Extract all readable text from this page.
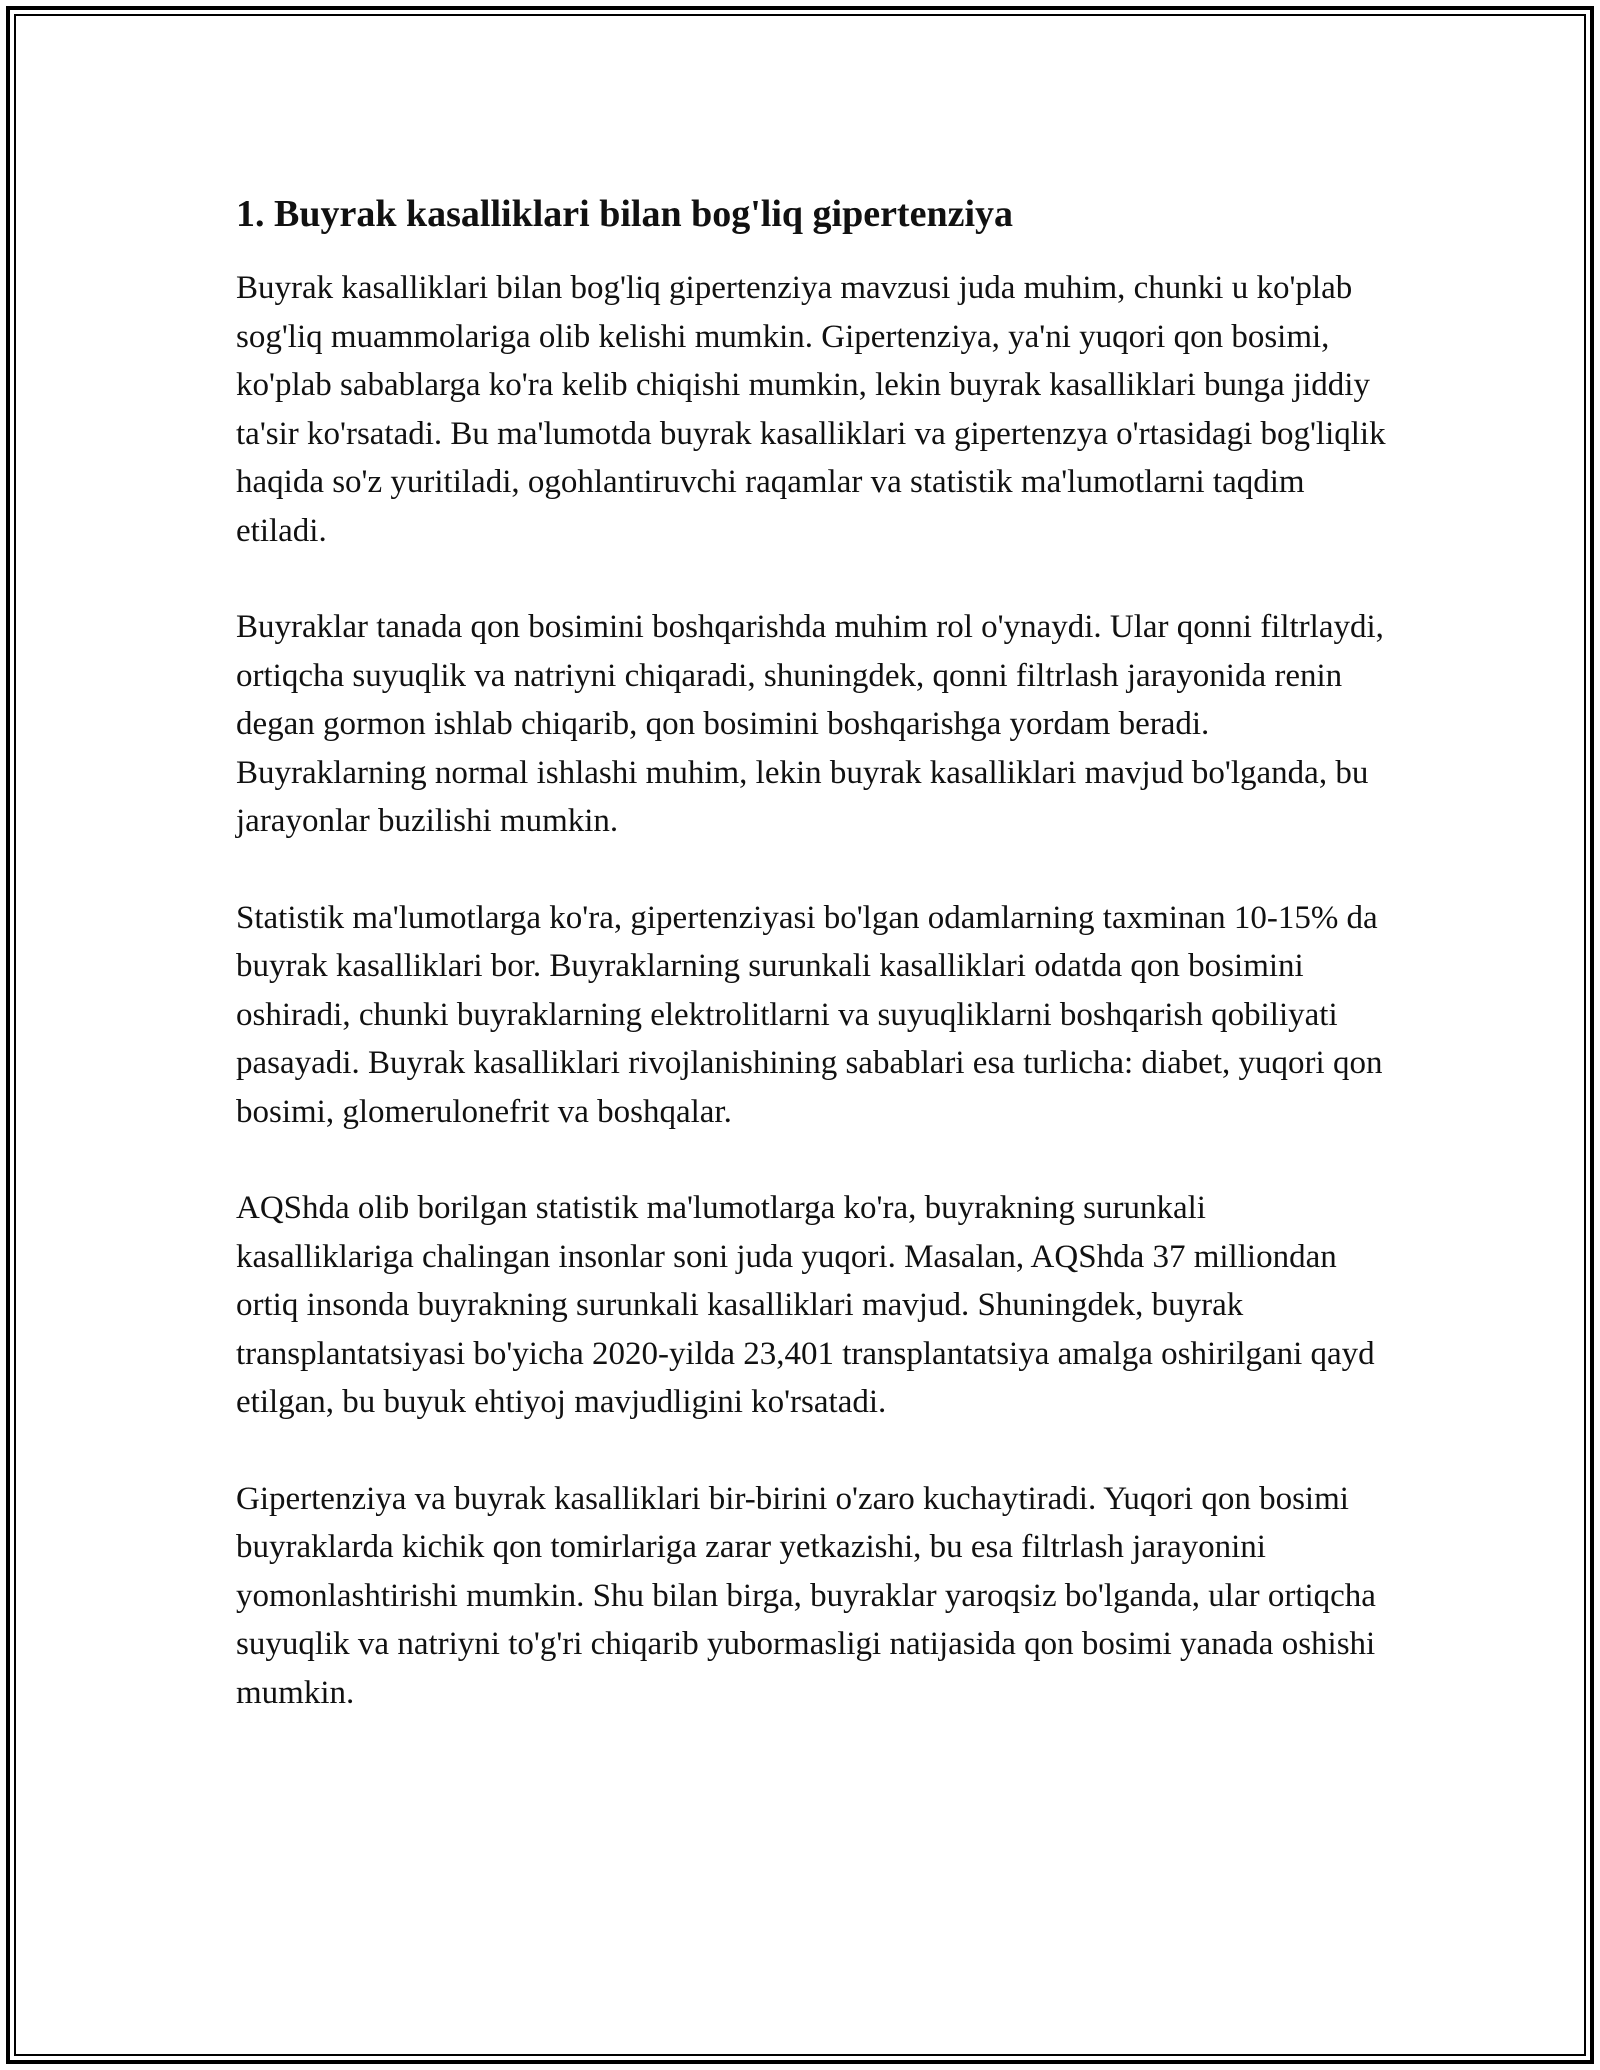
1. Buyrak kasalliklari bilan bog'liq gipertenziya

Buyrak kasalliklari bilan bog'liq gipertenziya mavzusi juda muhim, chunki u ko'plab sog'liq muammolariga olib kelishi mumkin. Gipertenziya, ya'ni yuqori qon bosimi, ko'plab sabablarga ko'ra kelib chiqishi mumkin, lekin buyrak kasalliklari bunga jiddiy ta'sir ko'rsatadi. Bu ma'lumotda buyrak kasalliklari va gipertenzya o'rtasidagi bog'liqlik haqida so'z yuritiladi, ogohlantiruvchi raqamlar va statistik ma'lumotlarni taqdim etiladi.

Buyraklar tanada qon bosimini boshqarishda muhim rol o'ynaydi. Ular qonni filtrlaydi, ortiqcha suyuqlik va natriyni chiqaradi, shuningdek, qonni filtrlash jarayonida renin degan gormon ishlab chiqarib, qon bosimini boshqarishga yordam beradi. Buyraklarning normal ishlashi muhim, lekin buyrak kasalliklari mavjud bo'lganda, bu jarayonlar buzilishi mumkin.

Statistik ma'lumotlarga ko'ra, gipertenziyasi bo'lgan odamlarning taxminan 10-15% da buyrak kasalliklari bor. Buyraklarning surunkali kasalliklari odatda qon bosimini oshiradi, chunki buyraklarning elektrolitlarni va suyuqliklarni boshqarish qobiliyati pasayadi. Buyrak kasalliklari rivojlanishining sabablari esa turlicha: diabet, yuqori qon bosimi, glomerulonefrit va boshqalar.

AQShda olib borilgan statistik ma'lumotlarga ko'ra, buyrakning surunkali kasalliklariga chalingan insonlar soni juda yuqori. Masalan, AQShda 37 milliondan ortiq insonda buyrakning surunkali kasalliklari mavjud. Shuningdek, buyrak transplantatsiyasi bo'yicha 2020-yilda 23,401 transplantatsiya amalga oshirilgani qayd etilgan, bu buyuk ehtiyoj mavjudligini ko'rsatadi.

Gipertenziya va buyrak kasalliklari bir-birini o'zaro kuchaytiradi. Yuqori qon bosimi buyraklarda kichik qon tomirlariga zarar yetkazishi, bu esa filtrlash jarayonini yomonlashtirishi mumkin. Shu bilan birga, buyraklar yaroqsiz bo'lganda, ular ortiqcha suyuqlik va natriyni to'g'ri chiqarib yubormasligi natijasida qon bosimi yanada oshishi mumkin.
